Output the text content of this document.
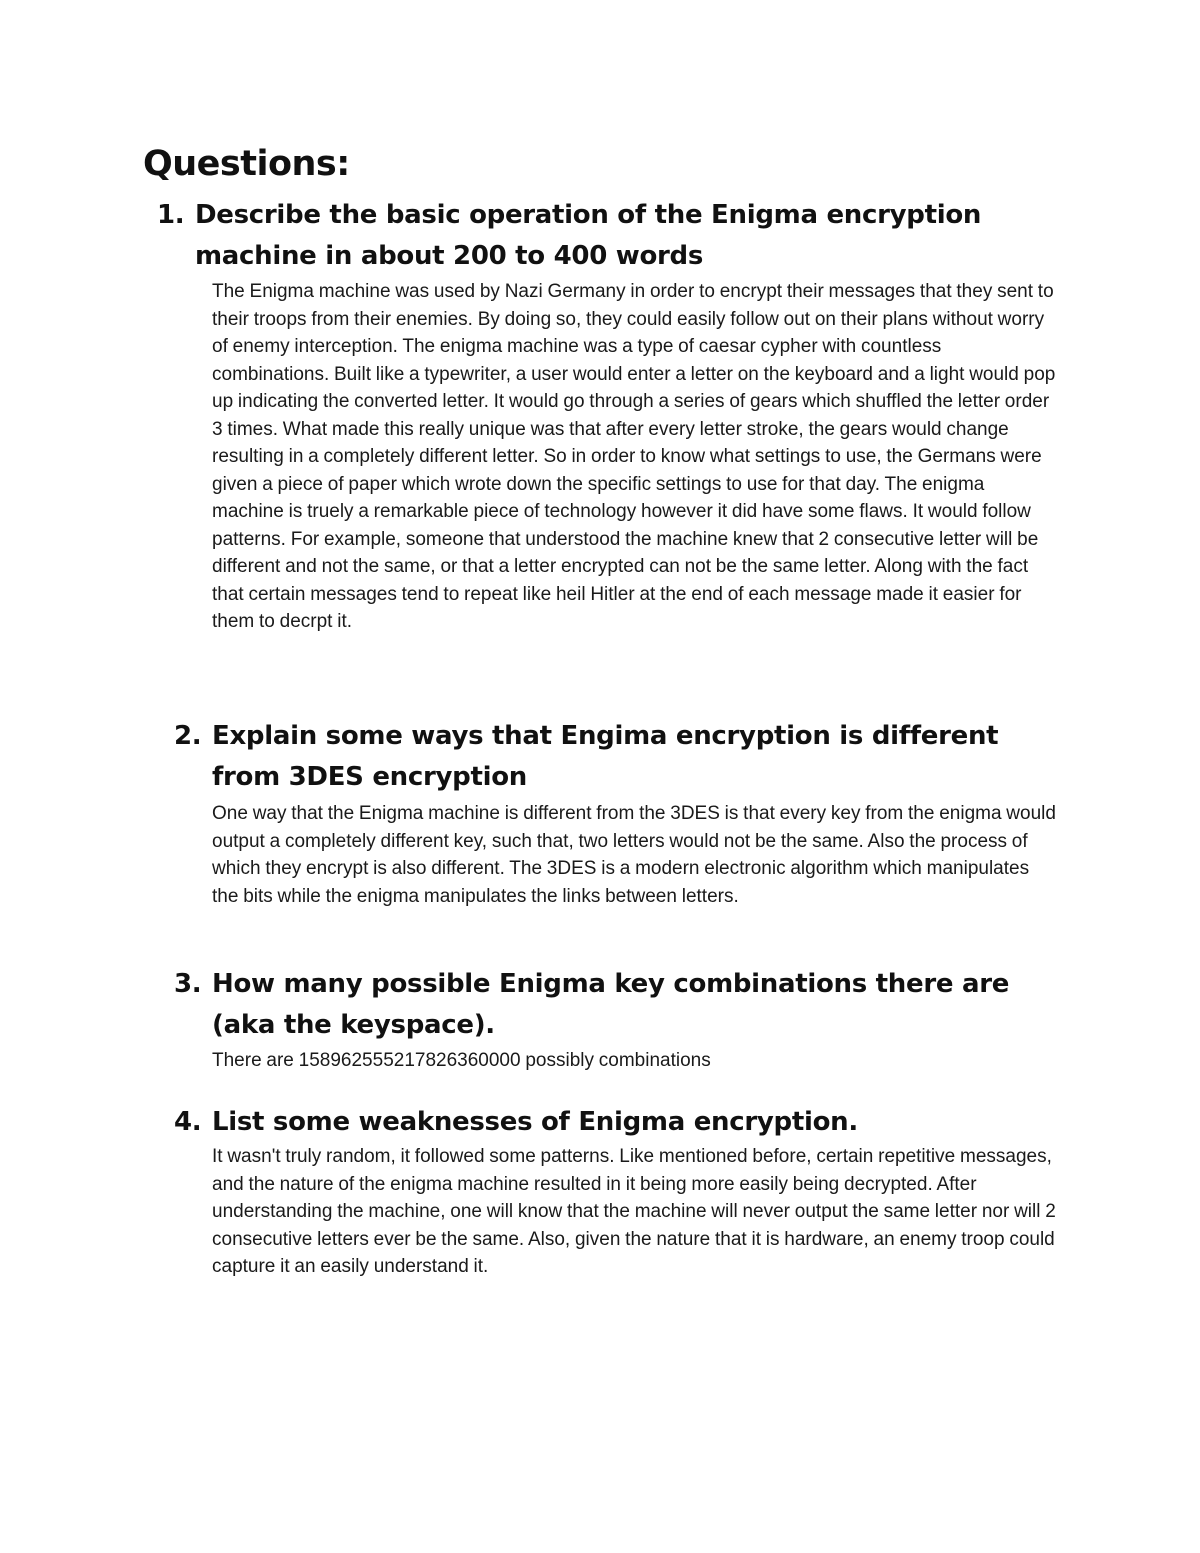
Questions:
1. Describe the basic operation of the Enigma encryption machine in about 200 to 400 words

The Enigma machine was used by Nazi Germany in order to encrypt their messages that they sent to their troops from their enemies. By doing so, they could easily follow out on their plans without worry of enemy interception. The enigma machine was a type of caesar cypher with countless combinations. Built like a typewriter, a user would enter a letter on the keyboard and a light would pop up indicating the converted letter. It would go through a series of gears which shuffled the letter order 3 times. What made this really unique was that after every letter stroke, the gears would change resulting in a completely different letter. So in order to know what settings to use, the Germans were given a piece of paper which wrote down the specific settings to use for that day. The enigma machine is truely a remarkable piece of technology however it did have some flaws. It would follow patterns. For example, someone that understood the machine knew that 2 consecutive letter will be different and not the same, or that a letter encrypted can not be the same letter. Along with the fact that certain messages tend to repeat like heil Hitler at the end of each message made it easier for them to decrpt it.

2. Explain some ways that Engima encryption is different from 3DES encryption

One way that the Enigma machine is different from the 3DES is that every key from the enigma would output a completely different key, such that, two letters would not be the same. Also the process of which they encrypt is also different. The 3DES is a modern electronic algorithm which manipulates the bits while the enigma manipulates the links between letters.

3. How many possible Enigma key combinations there are (aka the keyspace).

There are 158962555217826360000 possibly combinations

4. List some weaknesses of Enigma encryption.

It wasn't truly random, it followed some patterns. Like mentioned before, certain repetitive messages, and the nature of the enigma machine resulted in it being more easily being decrypted. After understanding the machine, one will know that the machine will never output the same letter nor will 2 consecutive letters ever be the same. Also, given the nature that it is hardware, an enemy troop could capture it an easily understand it.
